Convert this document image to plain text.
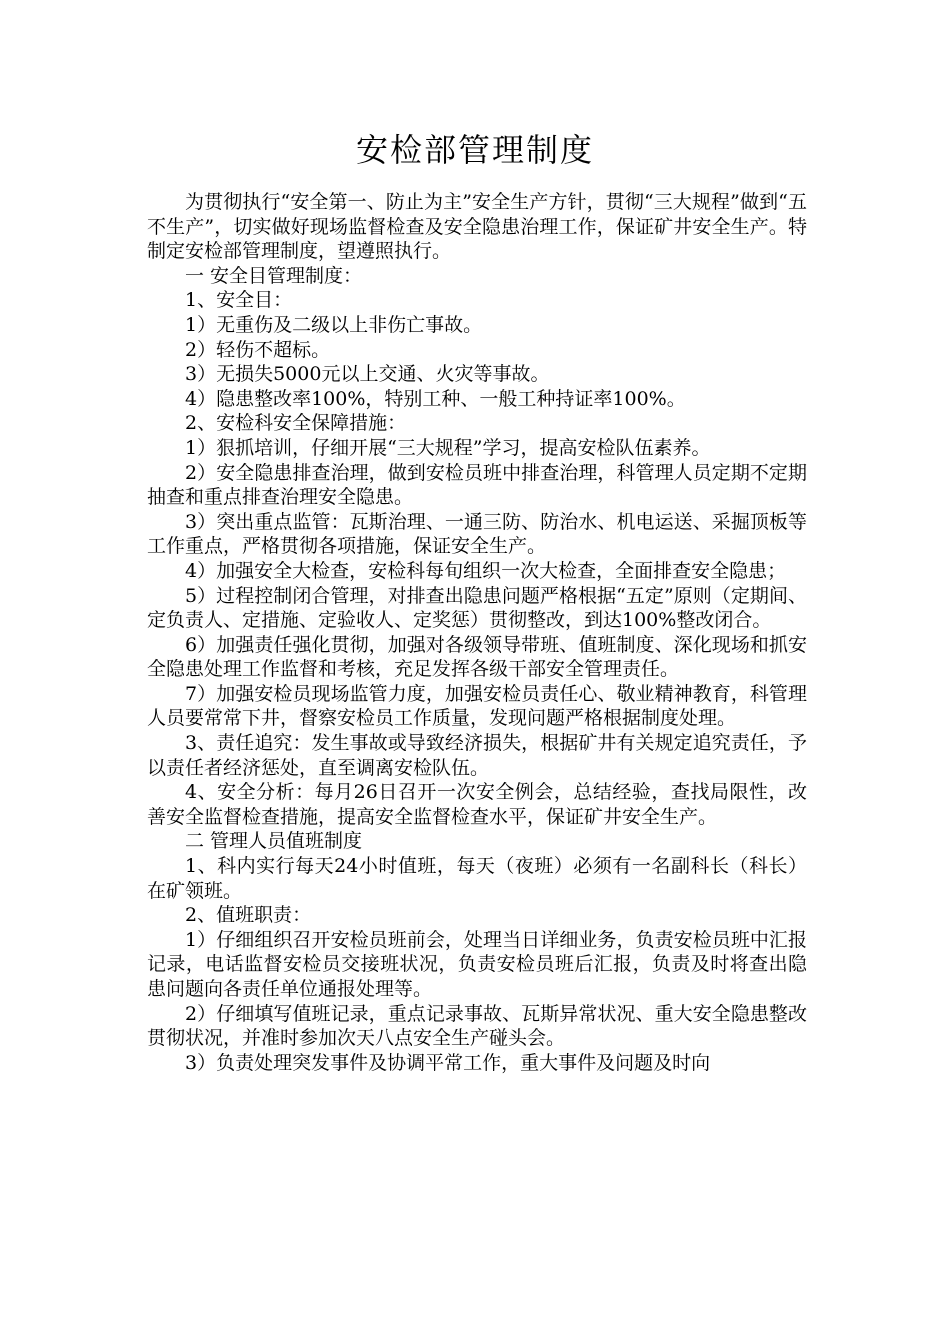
安检部管理制度

为贯彻执行“安全第一、防止为主”安全生产方针，贯彻“三大规程”做到“五不生产”，切实做好现场监督检查及安全隐患治理工作，保证矿井安全生产。特制定安检部管理制度，望遵照执行。

一 安全目管理制度：

1、安全目：

1）无重伤及二级以上非伤亡事故。

2）轻伤不超标。

3）无损失5000元以上交通、火灾等事故。

4）隐患整改率100%，特别工种、一般工种持证率100%。

2、安检科安全保障措施：

1）狠抓培训，仔细开展“三大规程”学习，提高安检队伍素养。

2）安全隐患排查治理，做到安检员班中排查治理，科管理人员定期不定期抽查和重点排查治理安全隐患。

3）突出重点监管：瓦斯治理、一通三防、防治水、机电运送、采掘顶板等工作重点，严格贯彻各项措施，保证安全生产。

4）加强安全大检查，安检科每旬组织一次大检查，全面排查安全隐患；

5）过程控制闭合管理，对排查出隐患问题严格根据“五定”原则（定期间、定负责人、定措施、定验收人、定奖惩）贯彻整改，到达100%整改闭合。

6）加强责任强化贯彻，加强对各级领导带班、值班制度、深化现场和抓安全隐患处理工作监督和考核，充足发挥各级干部安全管理责任。

7）加强安检员现场监管力度，加强安检员责任心、敬业精神教育，科管理人员要常常下井，督察安检员工作质量，发现问题严格根据制度处理。

3、责任追究：发生事故或导致经济损失，根据矿井有关规定追究责任，予以责任者经济惩处，直至调离安检队伍。

4、安全分析：每月26日召开一次安全例会，总结经验，查找局限性，改善安全监督检查措施，提高安全监督检查水平，保证矿井安全生产。

二 管理人员值班制度

1、科内实行每天24小时值班，每天（夜班）必须有一名副科长（科长）在矿领班。

2、值班职责：

1）仔细组织召开安检员班前会，处理当日详细业务，负责安检员班中汇报记录，电话监督安检员交接班状况，负责安检员班后汇报，负责及时将查出隐患问题向各责任单位通报处理等。

2）仔细填写值班记录，重点记录事故、瓦斯异常状况、重大安全隐患整改贯彻状况，并准时参加次天八点安全生产碰头会。

3）负责处理突发事件及协调平常工作，重大事件及问题及时向
